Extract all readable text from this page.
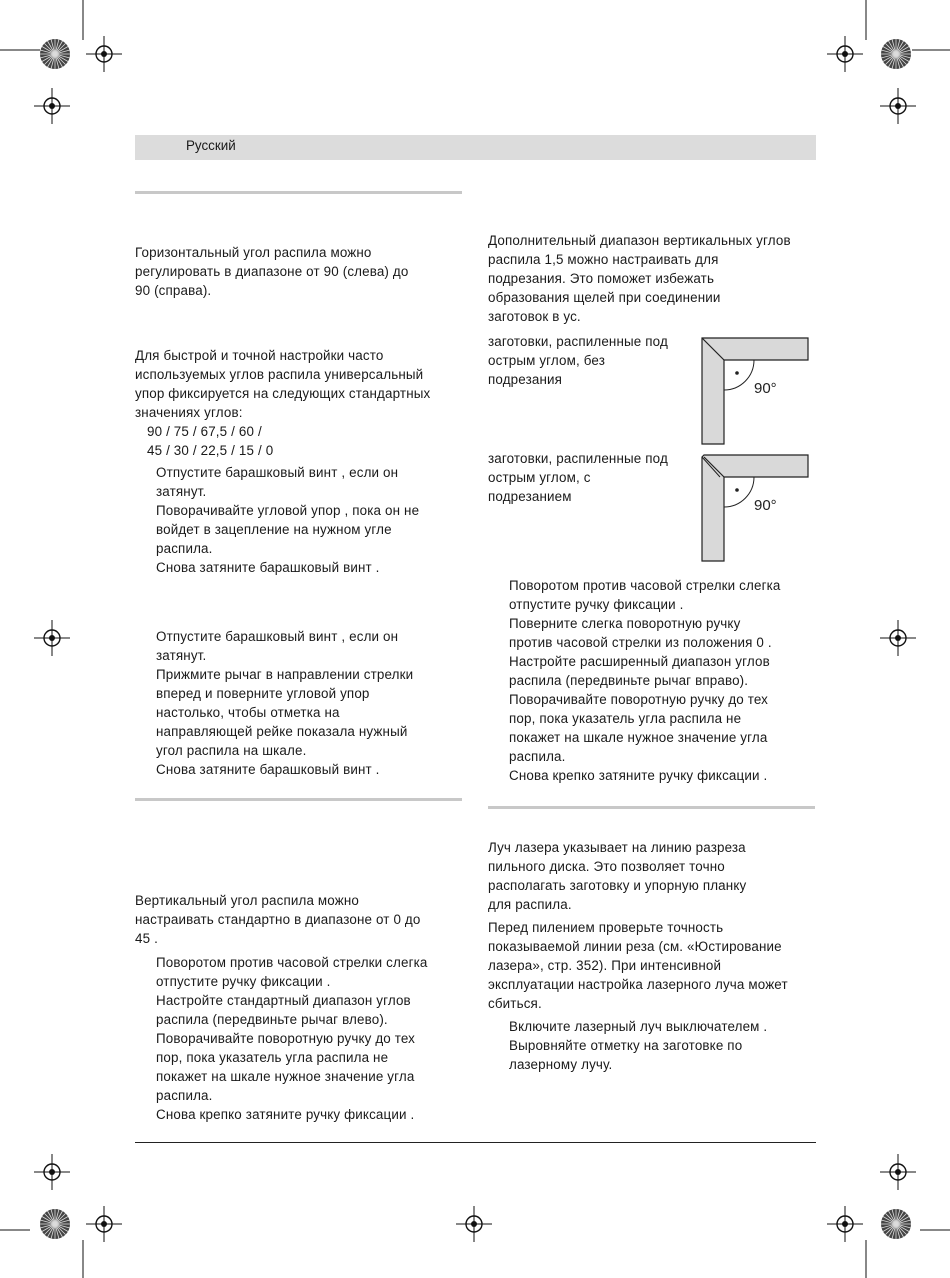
Русский
Горизонтальный угол распила можно
регулировать в диапазоне от 90 (слева) до
90 (справа).
Для быстрой и точной настройки часто
используемых углов распила универсальный
упор фиксируется на следующих стандартных
значениях углов:
90 / 75 / 67,5 / 60 /
45 / 30 / 22,5 / 15 / 0
Отпустите барашковый винт , если он
затянут.
Поворачивайте угловой упор , пока он не
войдет в зацепление на нужном угле
распила.
Снова затяните барашковый винт .
Отпустите барашковый винт , если он
затянут.
Прижмите рычаг в направлении стрелки
вперед и поверните угловой упор
настолько, чтобы отметка на
направляющей рейке показала нужный
угол распила на шкале.
Снова затяните барашковый винт .
Вертикальный угол распила можно
настраивать стандартно в диапазоне от 0 до
45 .
Поворотом против часовой стрелки слегка
отпустите ручку фиксации .
Настройте стандартный диапазон углов
распила (передвиньте рычаг влево).
Поворачивайте поворотную ручку до тех
пор, пока указатель угла распила не
покажет на шкале нужное значение угла
распила.
Снова крепко затяните ручку фиксации .
Дополнительный диапазон вертикальных углов
распила 1,5 можно настраивать для
подрезания. Это поможет избежать
образования щелей при соединении
заготовок в ус.
заготовки, распиленные под
острым углом, без
подрезания
90°
заготовки, распиленные под
острым углом, с
подрезанием
90°
Поворотом против часовой стрелки слегка
отпустите ручку фиксации .
Поверните слегка поворотную ручку
против часовой стрелки из положения 0 .
Настройте расширенный диапазон углов
распила (передвиньте рычаг вправо).
Поворачивайте поворотную ручку до тех
пор, пока указатель угла распила не
покажет на шкале нужное значение угла
распила.
Снова крепко затяните ручку фиксации .
Луч лазера указывает на линию разреза
пильного диска. Это позволяет точно
располагать заготовку и упорную планку
для распила.
Перед пилением проверьте точность
показываемой линии реза (см. «Юстирование
лазера», стр. 352). При интенсивной
эксплуатации настройка лазерного луча может
сбиться.
Включите лазерный луч выключателем .
Выровняйте отметку на заготовке по
лазерному лучу.
